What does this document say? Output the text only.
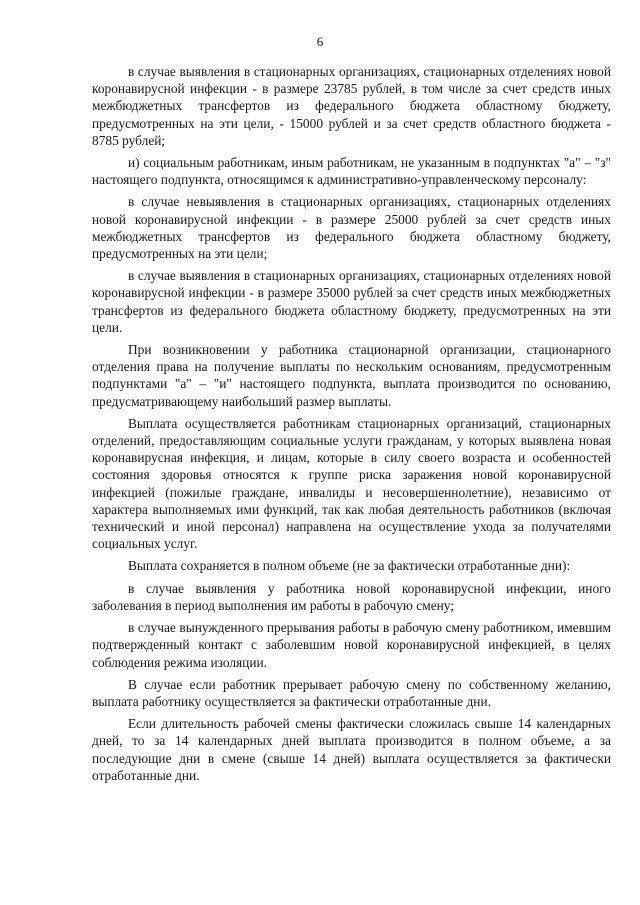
6

в случае выявления в стационарных организациях, стационарных отделениях новой коронавирусной инфекции - в размере 23785 рублей, в том числе за счет средств иных межбюджетных трансфертов из федерального бюджета областному бюджету, предусмотренных на эти цели, - 15000 рублей и за счет средств областного бюджета - 8785 рублей;

и) социальным работникам, иным работникам, не указанным в подпунктах "а" – "з" настоящего подпункта, относящимся к административно-управленческому персоналу:

в случае невыявления в стационарных организациях, стационарных отделениях новой коронавирусной инфекции - в размере 25000 рублей за счет средств иных межбюджетных трансфертов из федерального бюджета областному бюджету, предусмотренных на эти цели;

в случае выявления в стационарных организациях, стационарных отделениях новой коронавирусной инфекции - в размере 35000 рублей за счет средств иных межбюджетных трансфертов из федерального бюджета областному бюджету, предусмотренных на эти цели.

При возникновении у работника стационарной организации, стационарного отделения права на получение выплаты по нескольким основаниям, предусмотренным подпунктами "а" – "и" настоящего подпункта, выплата производится по основанию, предусматривающему наибольший размер выплаты.

Выплата осуществляется работникам стационарных организаций, стационарных отделений, предоставляющим социальные услуги гражданам, у которых выявлена новая коронавирусная инфекция, и лицам, которые в силу своего возраста и особенностей состояния здоровья относятся к группе риска заражения новой коронавирусной инфекцией (пожилые граждане, инвалиды и несовершеннолетние), независимо от характера выполняемых ими функций, так как любая деятельность работников (включая технический и иной персонал) направлена на осуществление ухода за получателями социальных услуг.

Выплата сохраняется в полном объеме (не за фактически отработанные дни):

в случае выявления у работника новой коронавирусной инфекции, иного заболевания в период выполнения им работы в рабочую смену;

в случае вынужденного прерывания работы в рабочую смену работником, имевшим подтвержденный контакт с заболевшим новой коронавирусной инфекцией, в целях соблюдения режима изоляции.

В случае если работник прерывает рабочую смену по собственному желанию, выплата работнику осуществляется за фактически отработанные дни.

Если длительность рабочей смены фактически сложилась свыше 14 календарных дней, то за 14 календарных дней выплата производится в полном объеме, а за последующие дни в смене (свыше 14 дней) выплата осуществляется за фактически отработанные дни.
